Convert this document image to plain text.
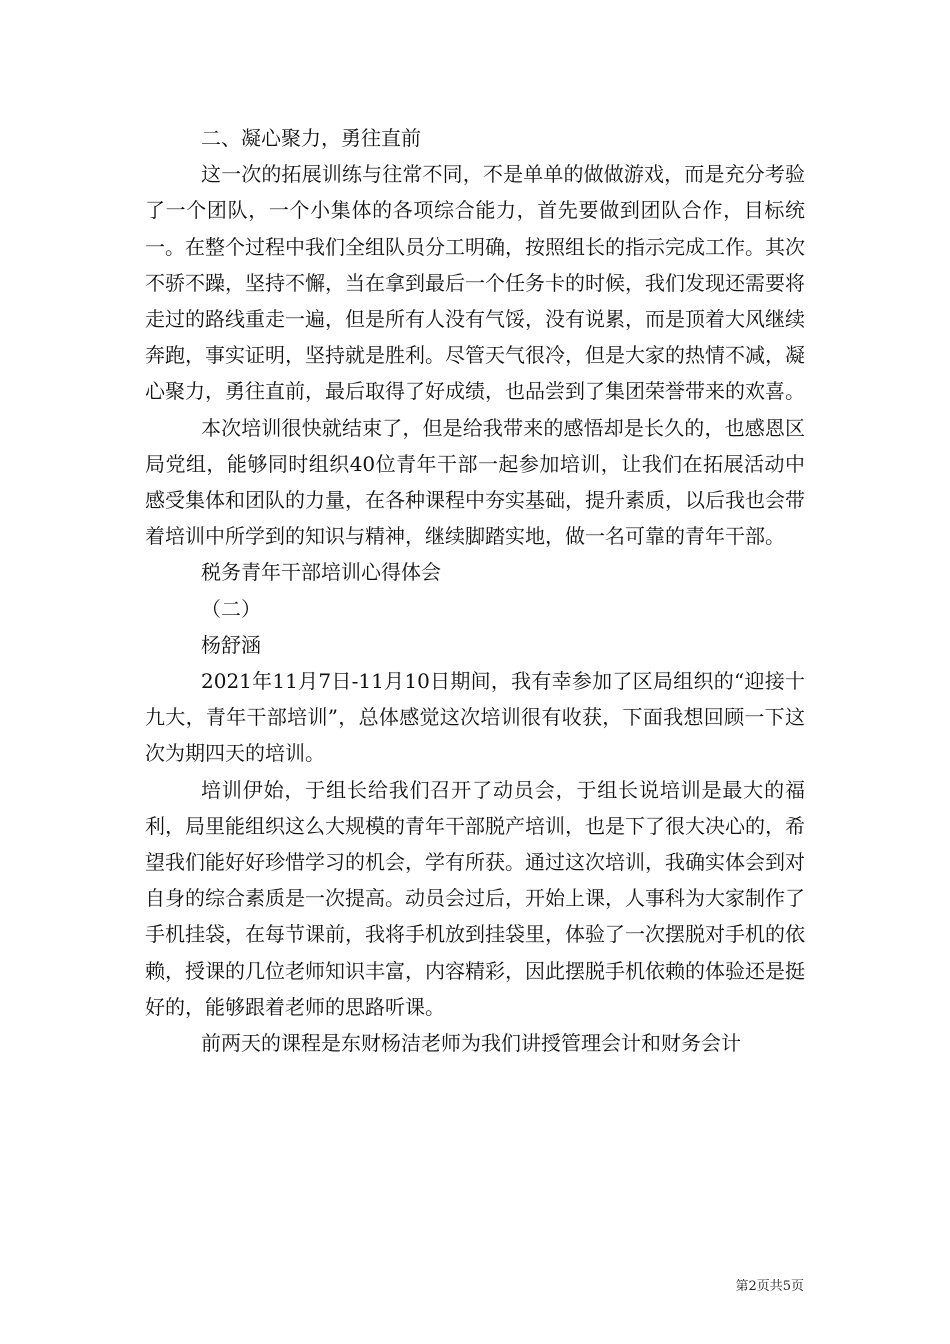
二、凝心聚力，勇往直前

这一次的拓展训练与往常不同，不是单单的做做游戏，而是充分考验了一个团队，一个小集体的各项综合能力，首先要做到团队合作，目标统一。在整个过程中我们全组队员分工明确，按照组长的指示完成工作。其次不骄不躁，坚持不懈，当在拿到最后一个任务卡的时候，我们发现还需要将走过的路线重走一遍，但是所有人没有气馁，没有说累，而是顶着大风继续奔跑，事实证明，坚持就是胜利。尽管天气很冷，但是大家的热情不减，凝心聚力，勇往直前，最后取得了好成绩，也品尝到了集团荣誉带来的欢喜。

本次培训很快就结束了，但是给我带来的感悟却是长久的，也感恩区局党组，能够同时组织40位青年干部一起参加培训，让我们在拓展活动中感受集体和团队的力量，在各种课程中夯实基础，提升素质，以后我也会带着培训中所学到的知识与精神，继续脚踏实地，做一名可靠的青年干部。

税务青年干部培训心得体会

（二）

杨舒涵

2021年11月7日-11月10日期间，我有幸参加了区局组织的“迎接十九大，青年干部培训”，总体感觉这次培训很有收获，下面我想回顾一下这次为期四天的培训。

培训伊始，于组长给我们召开了动员会，于组长说培训是最大的福利，局里能组织这么大规模的青年干部脱产培训，也是下了很大决心的，希望我们能好好珍惜学习的机会，学有所获。通过这次培训，我确实体会到对自身的综合素质是一次提高。动员会过后，开始上课，人事科为大家制作了手机挂袋，在每节课前，我将手机放到挂袋里，体验了一次摆脱对手机的依赖，授课的几位老师知识丰富，内容精彩，因此摆脱手机依赖的体验还是挺好的，能够跟着老师的思路听课。

前两天的课程是东财杨洁老师为我们讲授管理会计和财务会计

第2页共5页
